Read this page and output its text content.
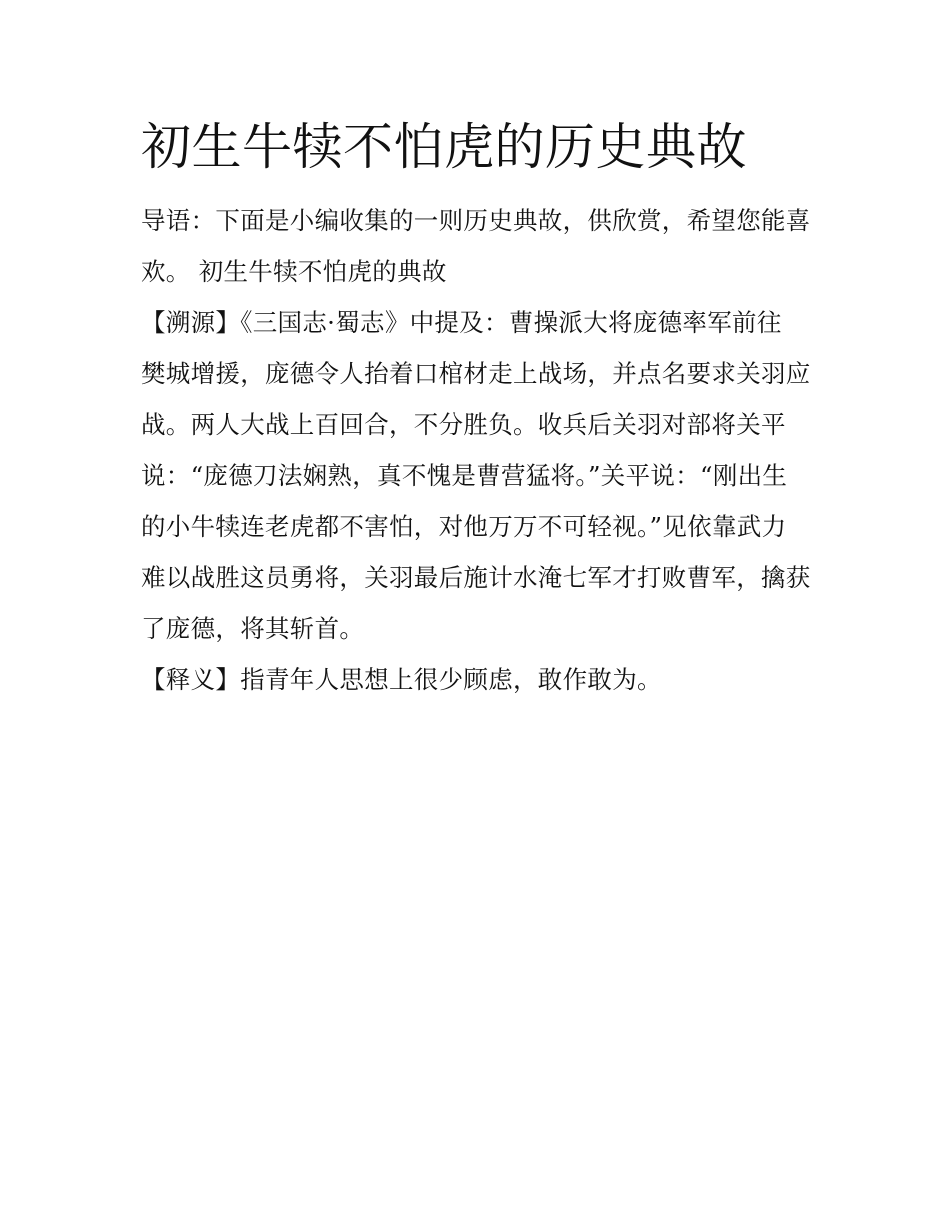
初生牛犊不怕虎的历史典故

导语：下面是小编收集的一则历史典故，供欣赏，希望您能喜
欢。 初生牛犊不怕虎的典故

【溯源】《三国志·蜀志》中提及：曹操派大将庞德率军前往
樊城增援，庞德令人抬着口棺材走上战场，并点名要求关羽应
战。两人大战上百回合，不分胜负。收兵后关羽对部将关平
说：“庞德刀法娴熟，真不愧是曹营猛将。”关平说：“刚出生
的小牛犊连老虎都不害怕，对他万万不可轻视。”见依靠武力
难以战胜这员勇将，关羽最后施计水淹七军才打败曹军，擒获
了庞德，将其斩首。

【释义】指青年人思想上很少顾虑，敢作敢为。
